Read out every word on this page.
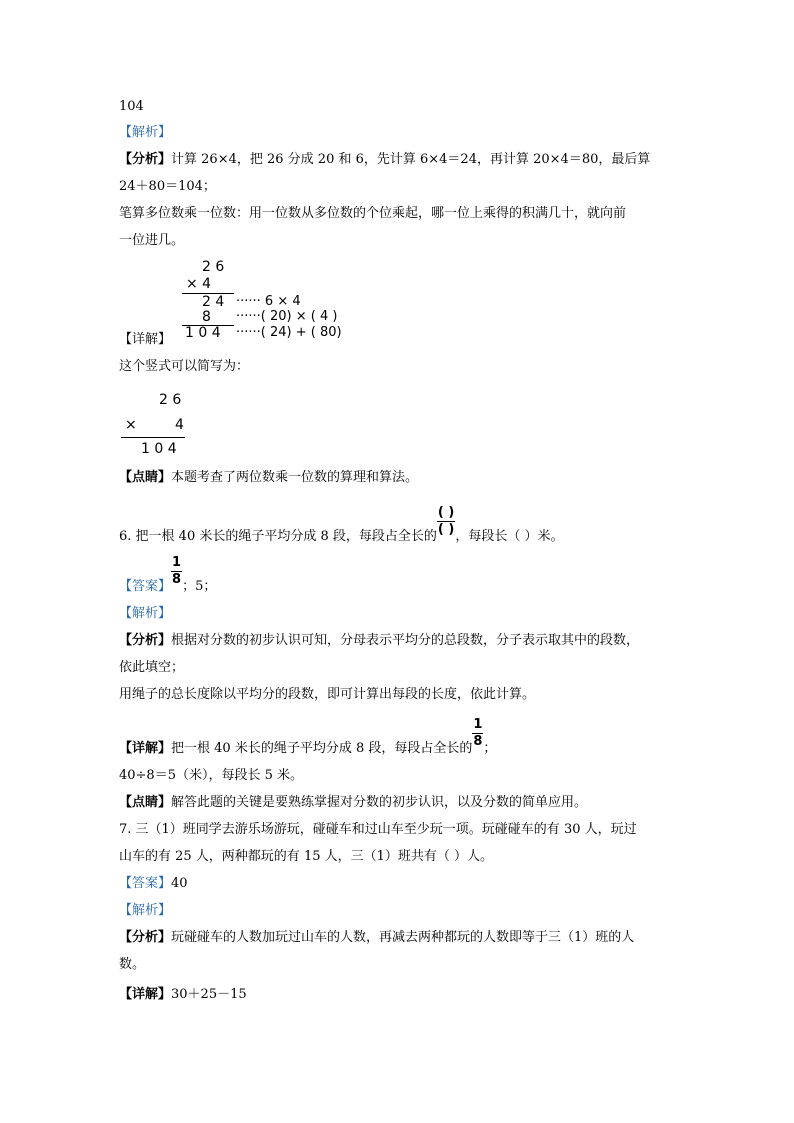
104
【解析】
【分析】计算 26×4，把 26 分成 20 和 6，先计算 6×4＝24，再计算 20×4＝80，最后算
24＋80＝104；
笔算多位数乘一位数：用一位数从多位数的个位乘起，哪一位上乘得的积满几十，就向前
一位进几。
2 6
× 4
2 4 ······ 6 × 4
8 ······( 20) × ( 4 )
1 0 4 ······( 24) + ( 80)
【详解】
这个竖式可以简写为：
2 6
×	4
1 0 4
【点睛】本题考查了两位数乘一位数的算理和算法。
6. 把一根 40 米长的绳子平均分成 8 段，每段占全长的 $\frac{( )}{( )}$ ，每段长（ ）米。
【答案】 $\frac{1}{8}$ ；5；
【解析】
【分析】根据对分数的初步认识可知，分母表示平均分的总段数，分子表示取其中的段数，
依此填空；
用绳子的总长度除以平均分的段数，即可计算出每段的长度，依此计算。
【详解】把一根 40 米长的绳子平均分成 8 段，每段占全长的 $\frac{1}{8}$ ；
40÷8＝5（米），每段长 5 米。
【点睛】解答此题的关键是要熟练掌握对分数的初步认识，以及分数的简单应用。
7. 三（1）班同学去游乐场游玩，碰碰车和过山车至少玩一项。玩碰碰车的有 30 人，玩过
山车的有 25 人，两种都玩的有 15 人，三（1）班共有（ ）人。
【答案】40
【解析】
【分析】玩碰碰车的人数加玩过山车的人数，再减去两种都玩的人数即等于三（1）班的人
数。
【详解】30＋25－15
